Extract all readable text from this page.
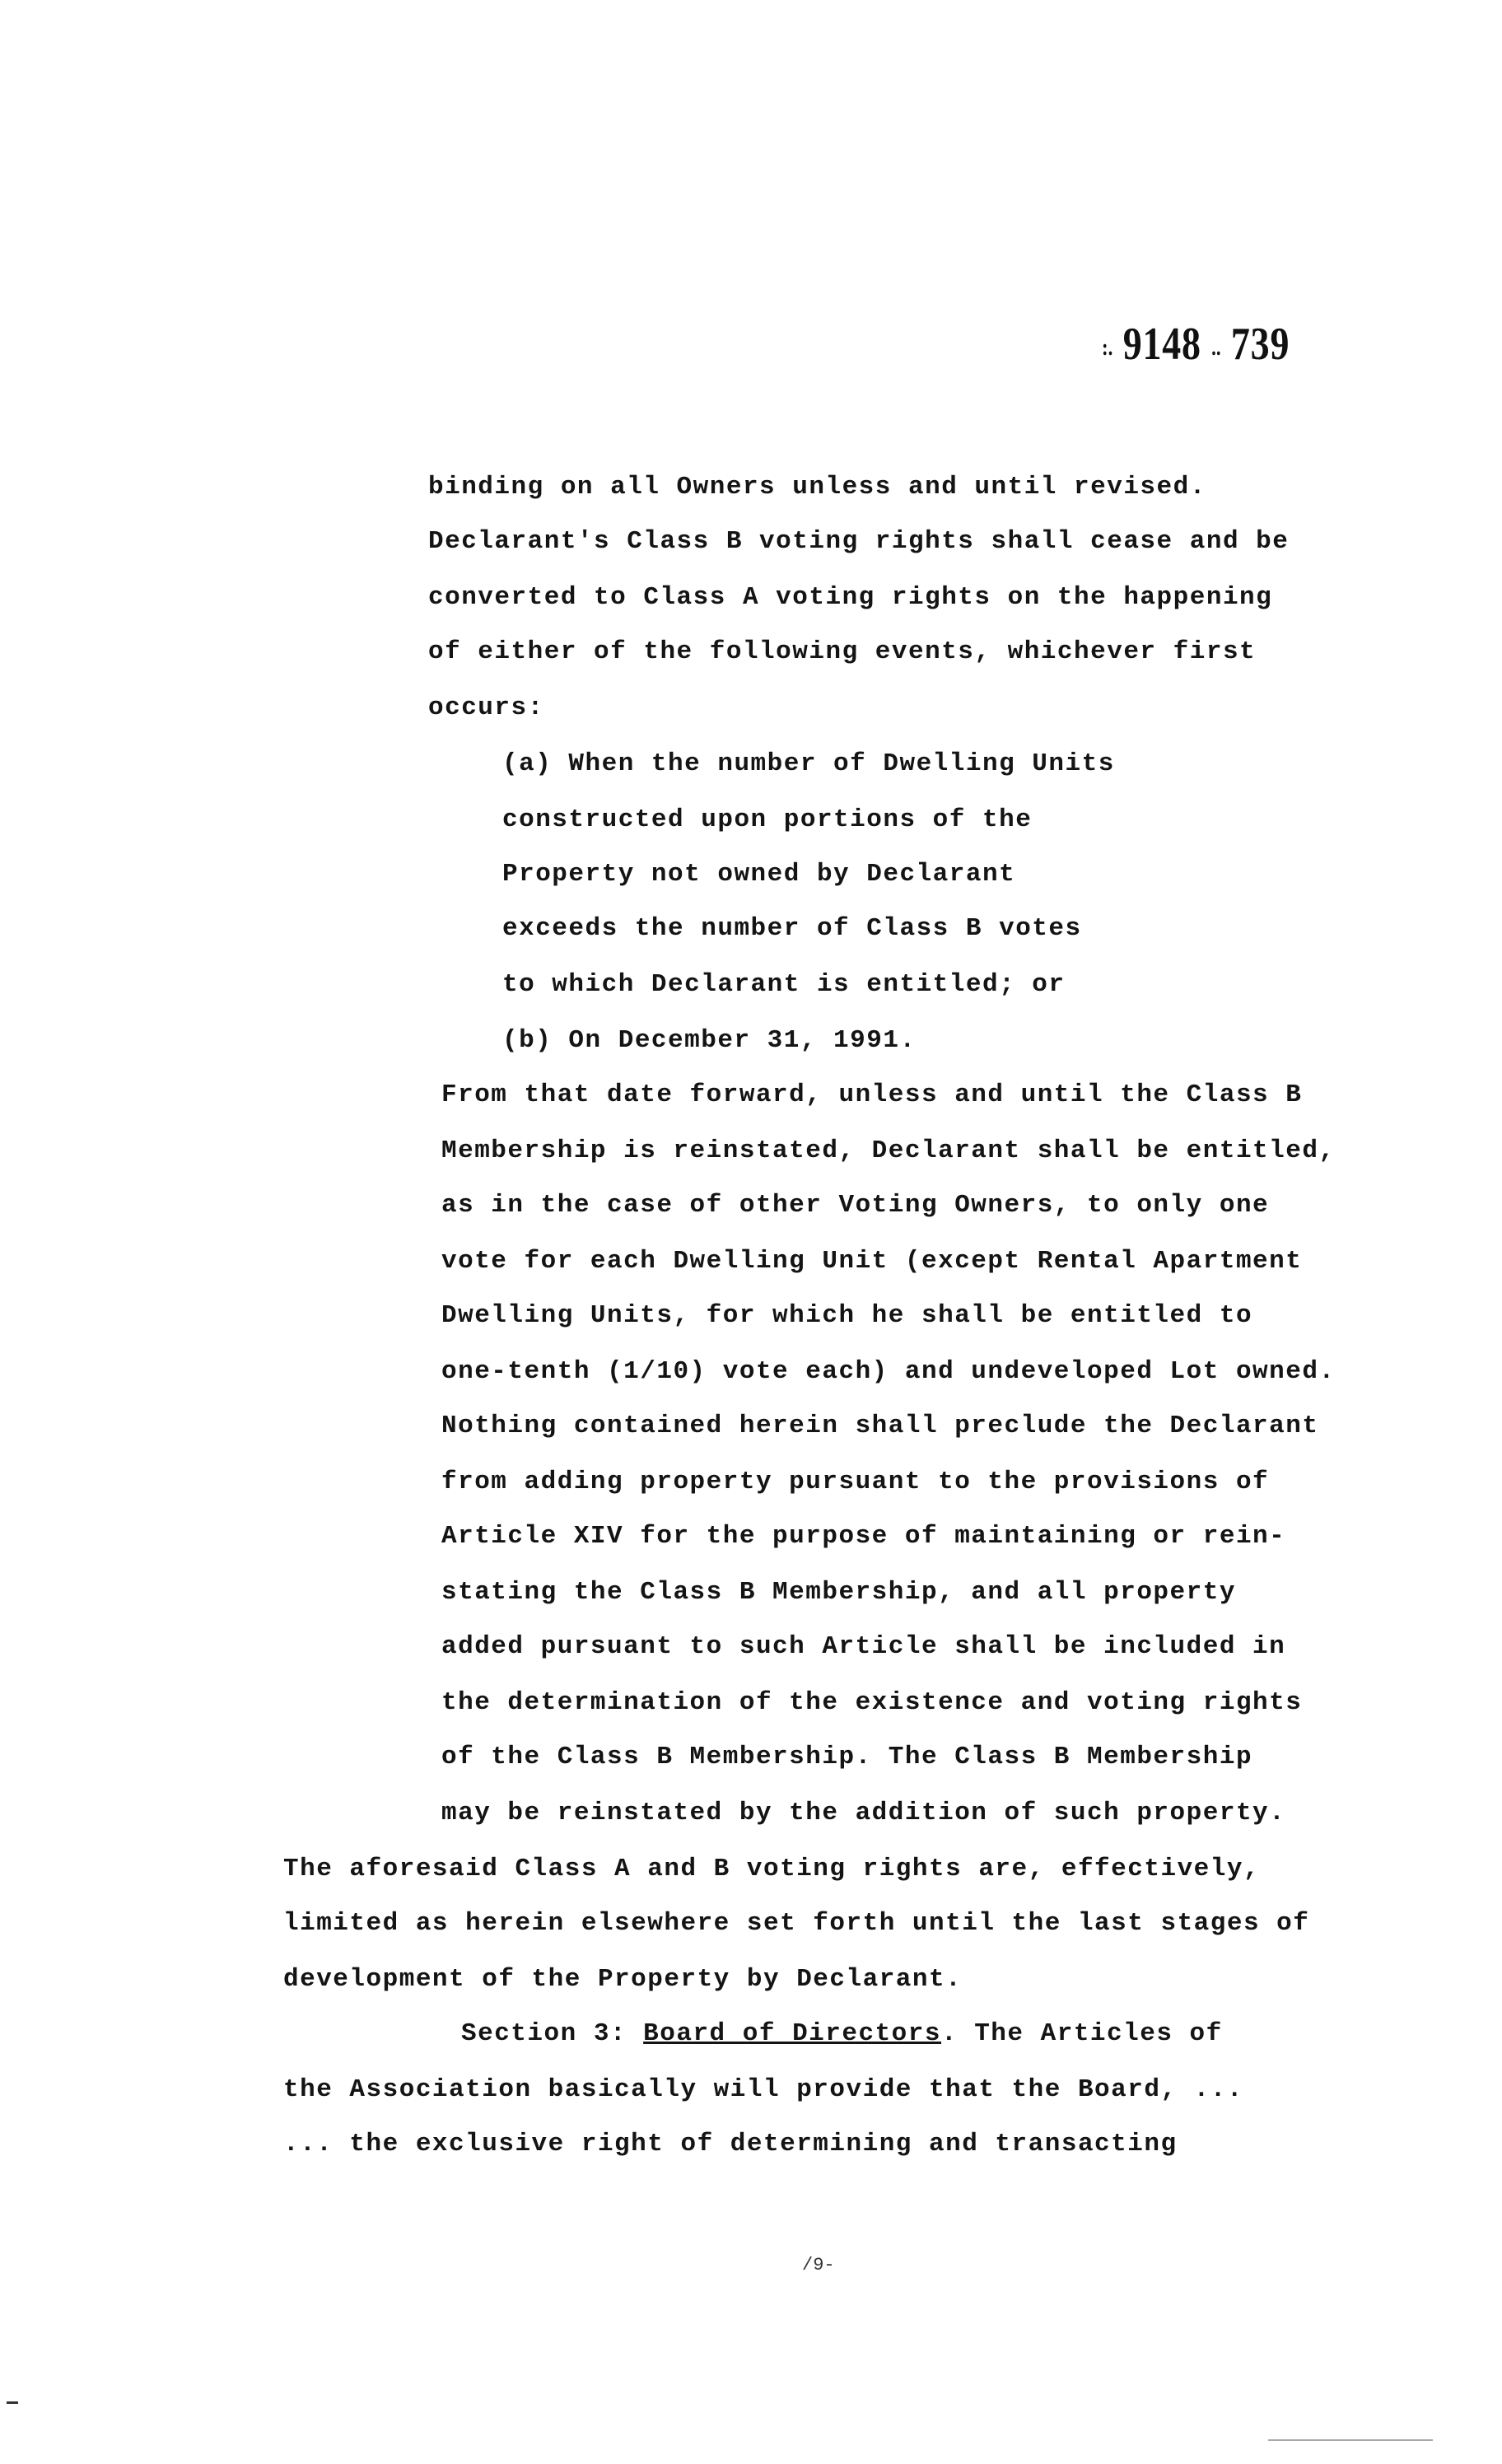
:. 9148 .. 739
binding on all Owners unless and until revised.
Declarant's Class B voting rights shall cease and be
converted to Class A voting rights on the happening
of either of the following events, whichever first
occurs:
(a) When the number of Dwelling Units
constructed upon portions of the
Property not owned by Declarant
exceeds the number of Class B votes
to which Declarant is entitled; or
(b) On December 31, 1991.
From that date forward, unless and until the Class B
Membership is reinstated, Declarant shall be entitled,
as in the case of other Voting Owners, to only one
vote for each Dwelling Unit (except Rental Apartment
Dwelling Units, for which he shall be entitled to
one-tenth (1/10) vote each) and undeveloped Lot owned.
Nothing contained herein shall preclude the Declarant
from adding property pursuant to the provisions of
Article XIV for the purpose of maintaining or rein-
stating the Class B Membership, and all property
added pursuant to such Article shall be included in
the determination of the existence and voting rights
of the Class B Membership. The Class B Membership
may be reinstated by the addition of such property.
The aforesaid Class A and B voting rights are, effectively,
limited as herein elsewhere set forth until the last stages of
development of the Property by Declarant.
Section 3: Board of Directors. The Articles of
the Association basically will provide that the Board, ...
... the exclusive right of determining and transacting
/9-
